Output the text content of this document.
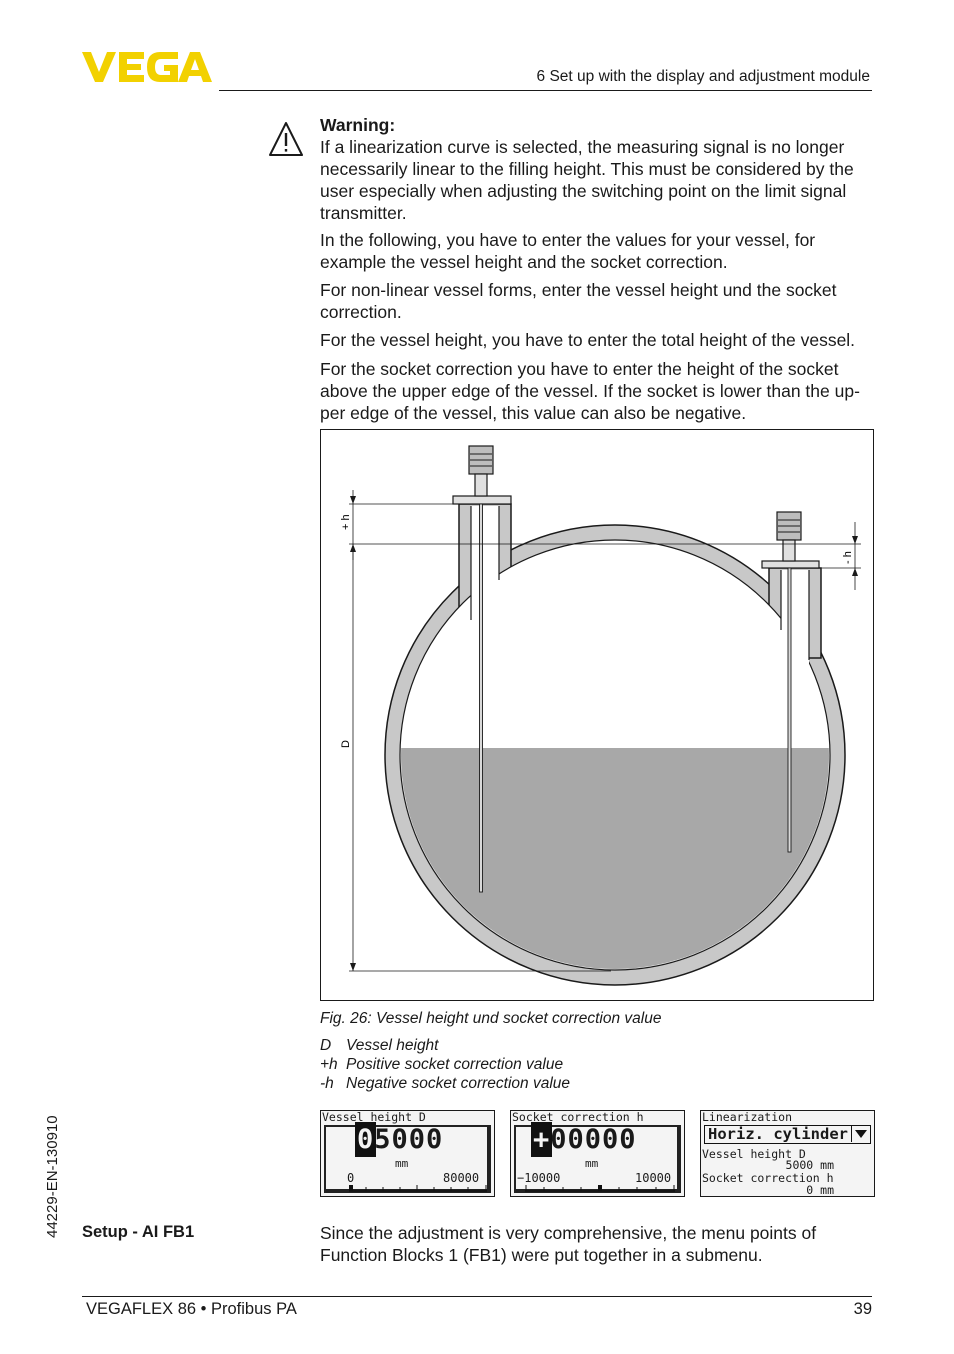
6 Set up with the display and adjustment module

Warning:

If a linearization curve is selected, the measuring signal is no longer necessarily linear to the filling height. This must be considered by the user especially when adjusting the switching point on the limit signal transmitter.

In the following, you have to enter the values for your vessel, for example the vessel height and the socket correction.

For non-linear vessel forms, enter the vessel height und the socket correction.

For the vessel height, you have to enter the total height of the vessel.

For the socket correction you have to enter the height of the socket above the upper edge of the vessel. If the socket is lower than the up-per edge of the vessel, this value can also be negative.

+ h
- h
D
Fig. 26: Vessel height und socket correction value
D Vessel height
+h Positive socket correction value
-h Negative socket correction value
Vessel height D
05000
mm
0	80000
Socket correction h
+00000
mm
−10000	10000
Linearization
Horiz. cylinder
Vessel height D
5000 mm
Socket correction h
0 mm
44229-EN-130910 Setup - AI FB1	Since the adjustment is very comprehensive, the menu points of Function Blocks 1 (FB1) were put together in a submenu.

VEGAFLEX 86 • Profibus PA	39
